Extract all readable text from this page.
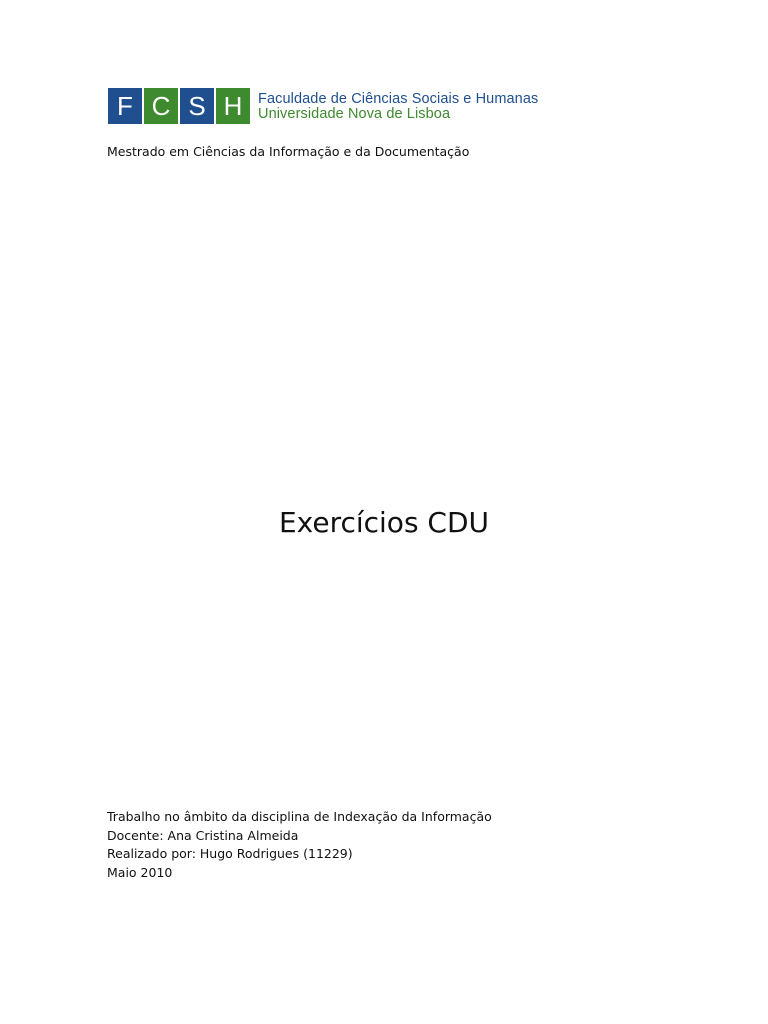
F C S H	Faculdade de Ciências Sociais e Humanas
Universidade Nova de Lisboa
Mestrado em Ciências da Informação e da Documentação
Exercícios CDU
Trabalho no âmbito da disciplina de Indexação da Informação
Docente: Ana Cristina Almeida
Realizado por: Hugo Rodrigues (11229)
Maio 2010
